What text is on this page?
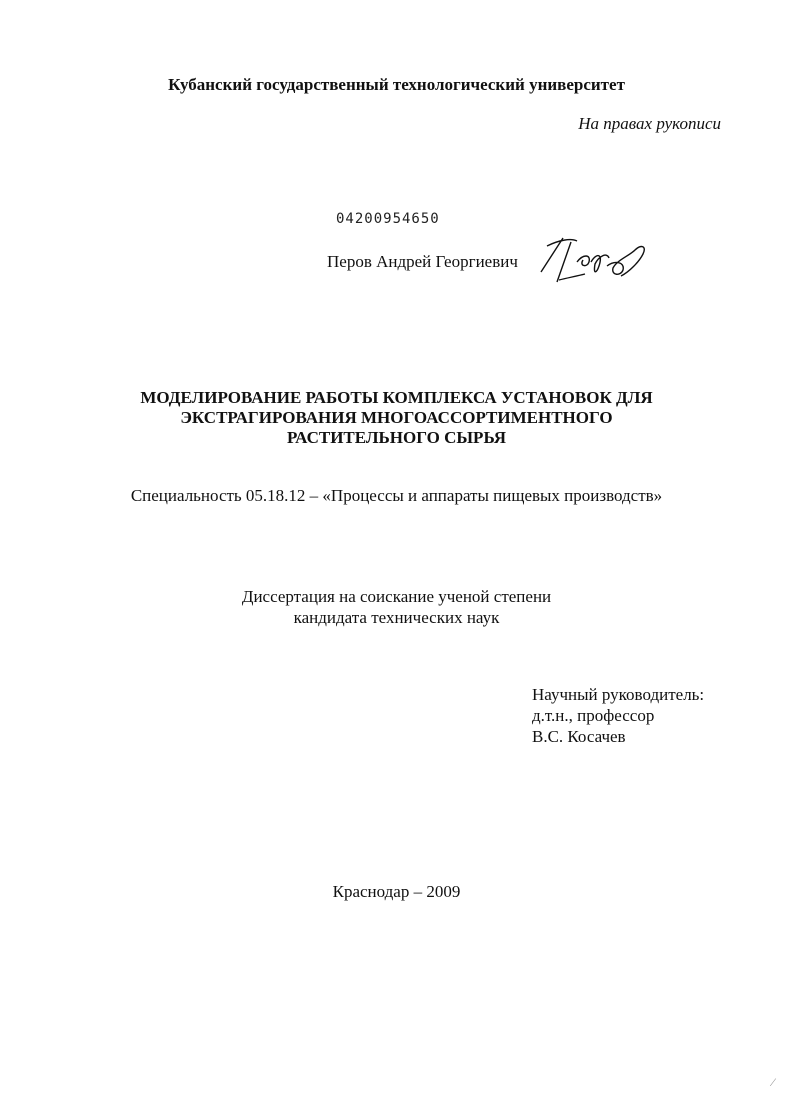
Кубанский государственный технологический университет
На правах рукописи
04200954650
Перов Андрей Георгиевич
МОДЕЛИРОВАНИЕ РАБОТЫ КОМПЛЕКСА УСТАНОВОК ДЛЯ
ЭКСТРАГИРОВАНИЯ МНОГОАССОРТИМЕНТНОГО
РАСТИТЕЛЬНОГО СЫРЬЯ
Специальность 05.18.12 – «Процессы и аппараты пищевых производств»
Диссертация на соискание ученой степени
кандидата технических наук
Научный руководитель:
д.т.н., профессор
В.С. Косачев
Краснодар – 2009
⁄
